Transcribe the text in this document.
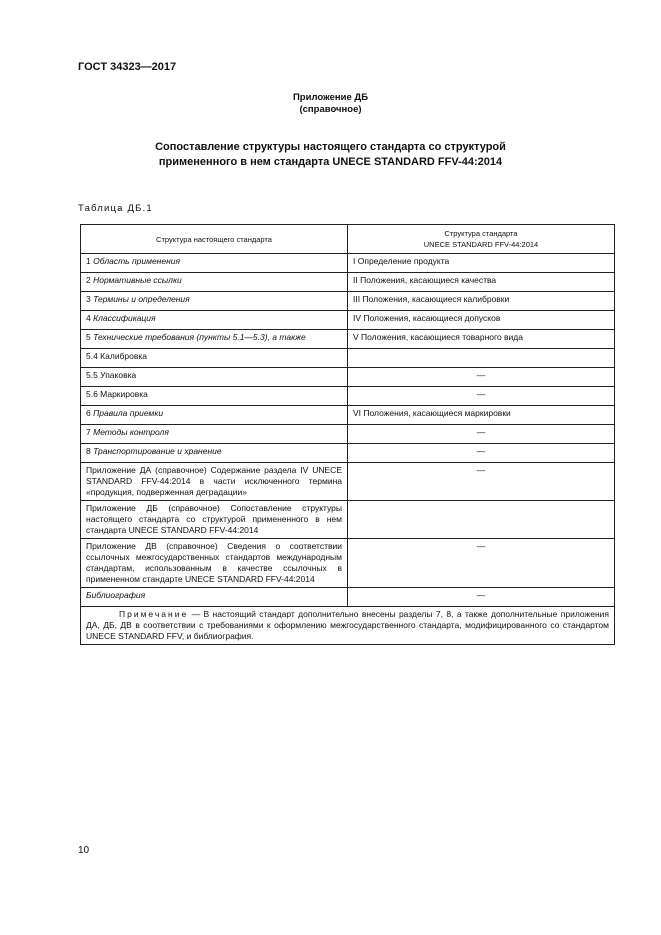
ГОСТ 34323—2017
Приложение ДБ
(справочное)
Сопоставление структуры настоящего стандарта со структурой
примененного в нем стандарта UNECE STANDARD FFV-44:2014
Таблица ДБ.1
Структура настоящего стандарта	Структура стандарта
UNECE STANDARD FFV-44:2014
1 Область применения	I Определение продукта
2 Нормативные ссылки	II Положения, касающиеся качества
3 Термины и определения	III Положения, касающиеся калибровки
4 Классификация	IV Положения, касающиеся допусков
5 Технические требования (пункты 5.1—5.3), а также	V Положения, касающиеся товарного вида
5.4 Калибровка	
5.5 Упаковка	—
5.6 Маркировка	—
6 Правила приемки	VI Положения, касающиеся маркировки
7 Методы контроля	—
8 Транспортирование и хранение	—
Приложение ДА (справочное) Содержание раздела IV UNECE STANDARD FFV-44:2014 в части исключенного термина «продукция, подверженная деградации»	—
Приложение ДБ (справочное) Сопоставление структуры настоящего стандарта со структурой примененного в нем стандарта UNECE STANDARD FFV-44:2014	
Приложение ДВ (справочное) Сведения о соответствии ссылочных межгосударственных стандартов международным стандартам, использованным в качестве ссылочных в примененном стандарте UNECE STANDARD FFV-44:2014	—
Библиография	—
Примечание — В настоящий стандарт дополнительно внесены разделы 7, 8, а также дополнительные приложения ДА, ДБ, ДВ в соответствии с требованиями к оформлению межгосударственного стандарта, модифицированного со стандартом UNECE STANDARD FFV, и библиография.	
10
